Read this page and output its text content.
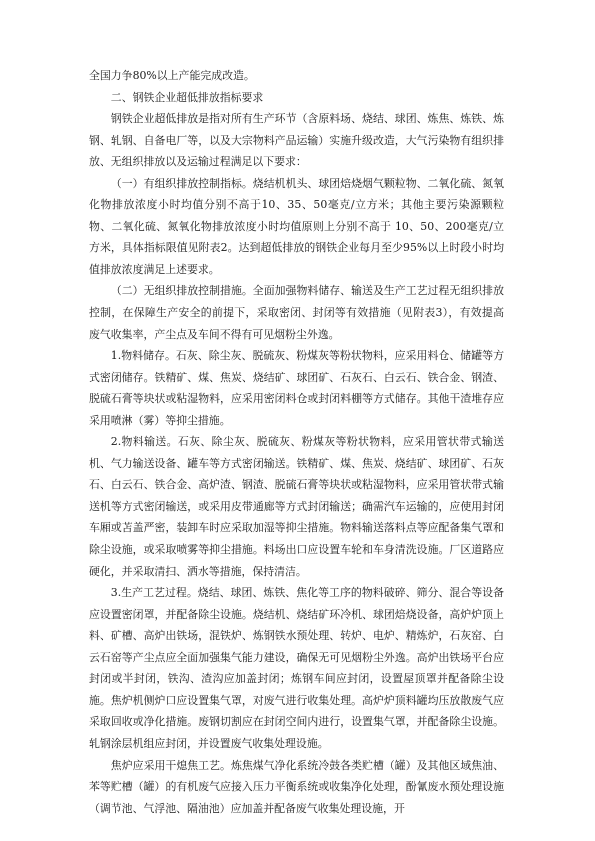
全国力争80%以上产能完成改造。

二、钢铁企业超低排放指标要求

钢铁企业超低排放是指对所有生产环节（含原料场、烧结、球团、炼焦、炼铁、炼钢、轧钢、自备电厂等，以及大宗物料产品运输）实施升级改造，大气污染物有组织排放、无组织排放以及运输过程满足以下要求：

（一）有组织排放控制指标。烧结机机头、球团焙烧烟气颗粒物、二氧化硫、氮氧化物排放浓度小时均值分别不高于10、35、50毫克/立方米；其他主要污染源颗粒物、二氧化硫、氮氧化物排放浓度小时均值原则上分别不高于 10、50、200毫克/立方米，具体指标限值见附表2。达到超低排放的钢铁企业每月至少95%以上时段小时均值排放浓度满足上述要求。

（二）无组织排放控制措施。全面加强物料储存、输送及生产工艺过程无组织排放控制，在保障生产安全的前提下，采取密闭、封闭等有效措施（见附表3），有效提高废气收集率，产尘点及车间不得有可见烟粉尘外逸。

1.物料储存。石灰、除尘灰、脱硫灰、粉煤灰等粉状物料，应采用料仓、储罐等方式密闭储存。铁精矿、煤、焦炭、烧结矿、球团矿、石灰石、白云石、铁合金、钢渣、脱硫石膏等块状或粘湿物料，应采用密闭料仓或封闭料棚等方式储存。其他干渣堆存应采用喷淋（雾）等抑尘措施。

2.物料输送。石灰、除尘灰、脱硫灰、粉煤灰等粉状物料，应采用管状带式输送机、气力输送设备、罐车等方式密闭输送。铁精矿、煤、焦炭、烧结矿、球团矿、石灰石、白云石、铁合金、高炉渣、钢渣、脱硫石膏等块状或粘湿物料，应采用管状带式输送机等方式密闭输送，或采用皮带通廊等方式封闭输送；确需汽车运输的，应使用封闭车厢或苫盖严密，装卸车时应采取加湿等抑尘措施。物料输送落料点等应配备集气罩和除尘设施，或采取喷雾等抑尘措施。料场出口应设置车轮和车身清洗设施。厂区道路应硬化，并采取清扫、洒水等措施，保持清洁。

3.生产工艺过程。烧结、球团、炼铁、焦化等工序的物料破碎、筛分、混合等设备应设置密闭罩，并配备除尘设施。烧结机、烧结矿环冷机、球团焙烧设备，高炉炉顶上料、矿槽、高炉出铁场，混铁炉、炼钢铁水预处理、转炉、电炉、精炼炉，石灰窑、白云石窑等产尘点应全面加强集气能力建设，确保无可见烟粉尘外逸。高炉出铁场平台应封闭或半封闭，铁沟、渣沟应加盖封闭；炼钢车间应封闭，设置屋顶罩并配备除尘设施。焦炉机侧炉口应设置集气罩，对废气进行收集处理。高炉炉顶料罐均压放散废气应采取回收或净化措施。废钢切割应在封闭空间内进行，设置集气罩，并配备除尘设施。轧钢涂层机组应封闭，并设置废气收集处理设施。

焦炉应采用干熄焦工艺。炼焦煤气净化系统冷鼓各类贮槽（罐）及其他区域焦油、苯等贮槽（罐）的有机废气应接入压力平衡系统或收集净化处理，酚氰废水预处理设施（调节池、气浮池、隔油池）应加盖并配备废气收集处理设施，开
